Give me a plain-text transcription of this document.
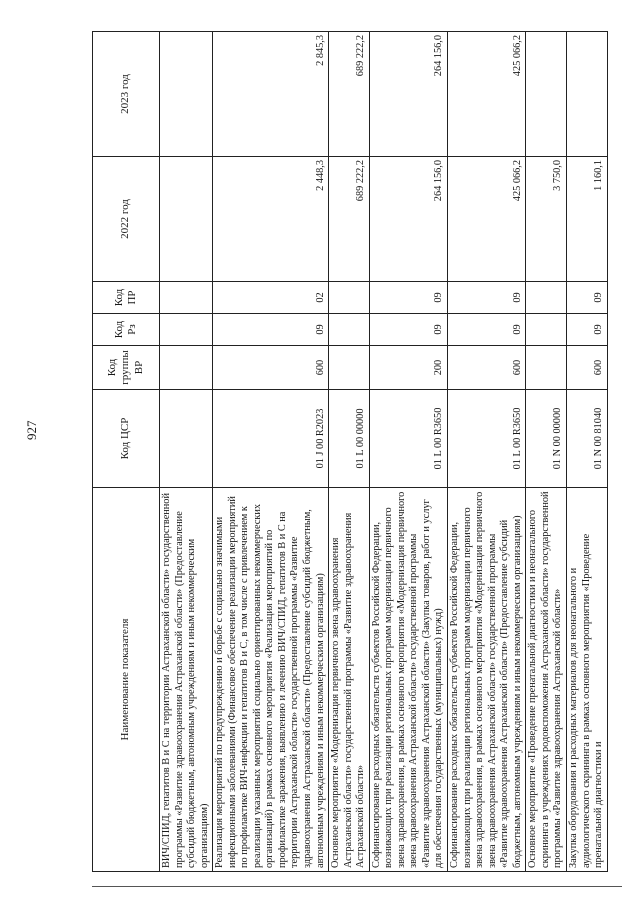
927
Наименование показателя	Код ЦСР	Код группы ВР	Код Рз	Код ПР	2022 год	2023 год
ВИЧ/СПИД, гепатитов В и С на территории Астраханской области» государственной программы «Развитие здравоохранения Астраханской области» (Предоставление субсидий бюджетным, автономным учреждениям и иным некоммерческим организациям)						
Реализация мероприятий по предупреждению и борьбе с социально значимыми инфекционными заболеваниями (Финансовое обеспечение реализации мероприятий по профилактике ВИЧ-инфекции и гепатитов В и С, в том числе с привлечением к реализации указанных мероприятий социально ориентированных некоммерческих организаций) в рамках основного мероприятия «Реализация мероприятий по профилактике заражения, выявлению и лечению ВИЧ/СПИД, гепатитов В и С на территории Астраханской области» государственной программы «Развитие здравоохранения Астраханской области» (Предоставление субсидий бюджетным, автономным учреждениям и иным некоммерческим организациям)	01 J 00 R2023	600	09	02	2 448,3	2 845,3
Основное мероприятие «Модернизация первичного звена здравоохранения Астраханской области» государственной программы «Развитие здравоохранения Астраханской области»	01 L 00 00000				689 222,2	689 222,2
Софинансирование расходных обязательств субъектов Российской Федерации, возникающих при реализации региональных программ модернизации первичного звена здравоохранения, в рамках основного мероприятия «Модернизация первичного звена здравоохранения Астраханской области» государственной программы «Развитие здравоохранения Астраханской области» (Закупка товаров, работ и услуг для обеспечения государственных (муниципальных) нужд)	01 L 00 R3650	200	09	09	264 156,0	264 156,0
Софинансирование расходных обязательств субъектов Российской Федерации, возникающих при реализации региональных программ модернизации первичного звена здравоохранения, в рамках основного мероприятия «Модернизация первичного звена здравоохранения Астраханской области» государственной программы «Развитие здравоохранения Астраханской области» (Предоставление субсидий бюджетным, автономным учреждениям и иным некоммерческим организациям)	01 L 00 R3650	600	09	09	425 066,2	425 066,2
Основное мероприятие «Проведение пренатальной диагностики и неонатального скрининга в учреждениях родовспоможения Астраханской области» государственной программы «Развитие здравоохранения Астраханской области»	01 N 00 00000				3 750,0	
Закупка оборудования и расходных материалов для неонатального и аудиологического скрининга в рамках основного мероприятия «Проведение пренатальной диагностики и	01 N 00 81040	600	09	09	1 160,1	
